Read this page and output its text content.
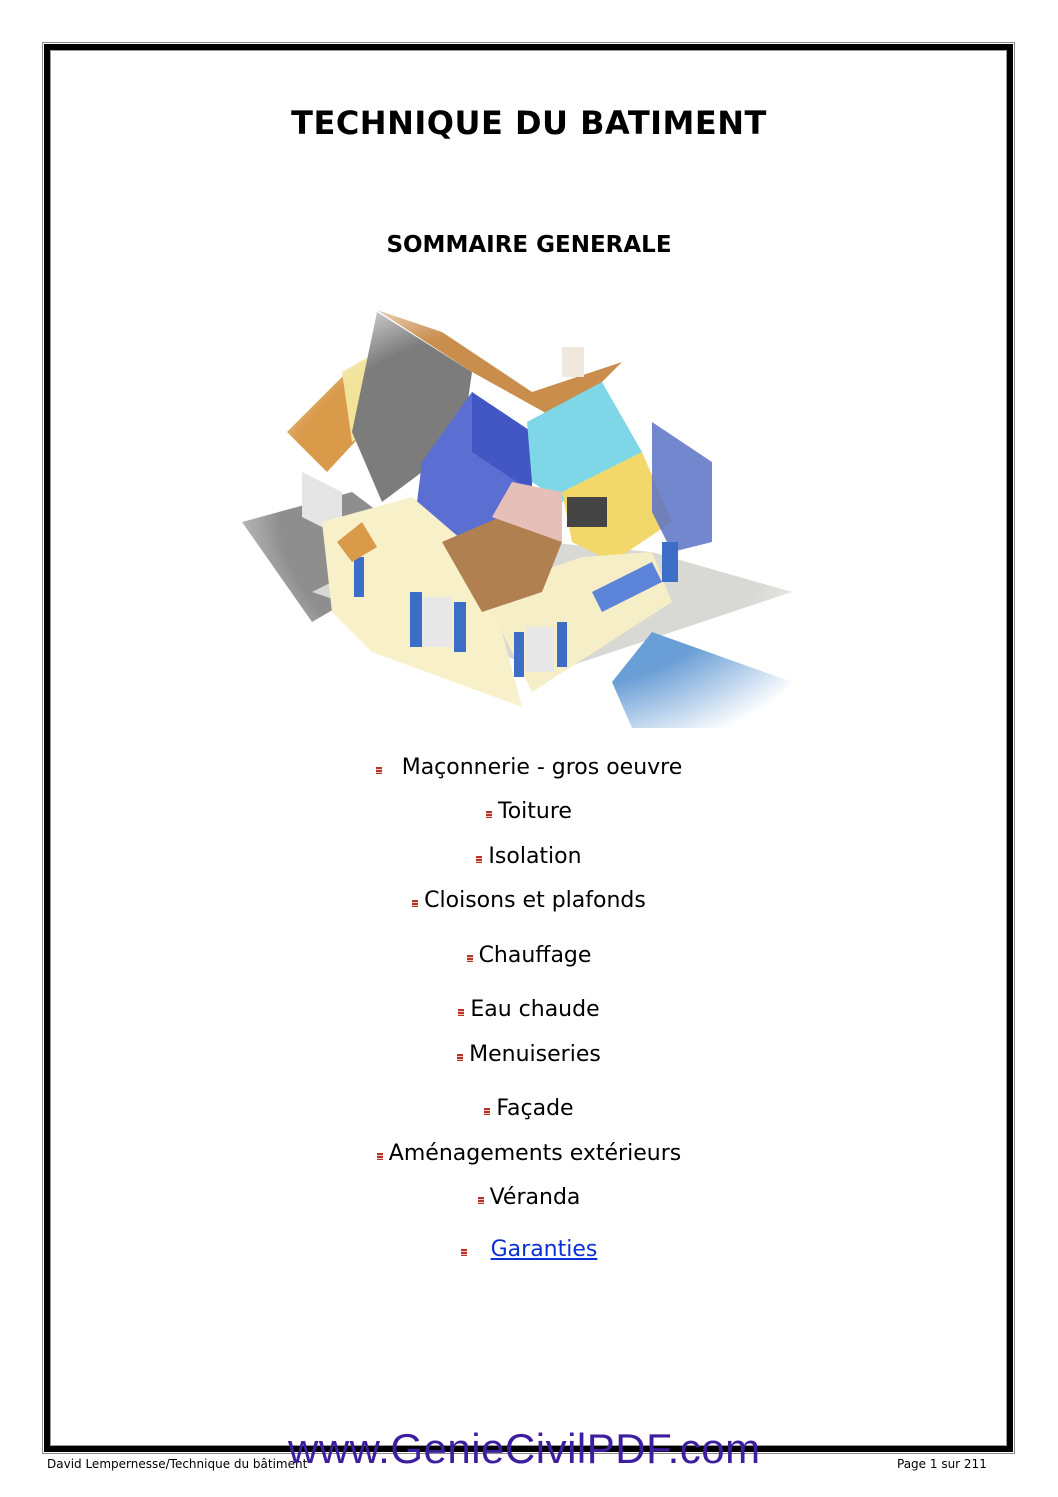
TECHNIQUE DU BATIMENT
SOMMAIRE GENERALE
Maçonnerie - gros oeuvre
Toiture
Isolation
Cloisons et plafonds
Chauffage
Eau chaude
Menuiseries
Façade
Aménagements extérieurs
Véranda
Garanties
David Lempernesse/Technique du bâtiment
www.GenieCivilPDF.com	Page 1 sur 211
